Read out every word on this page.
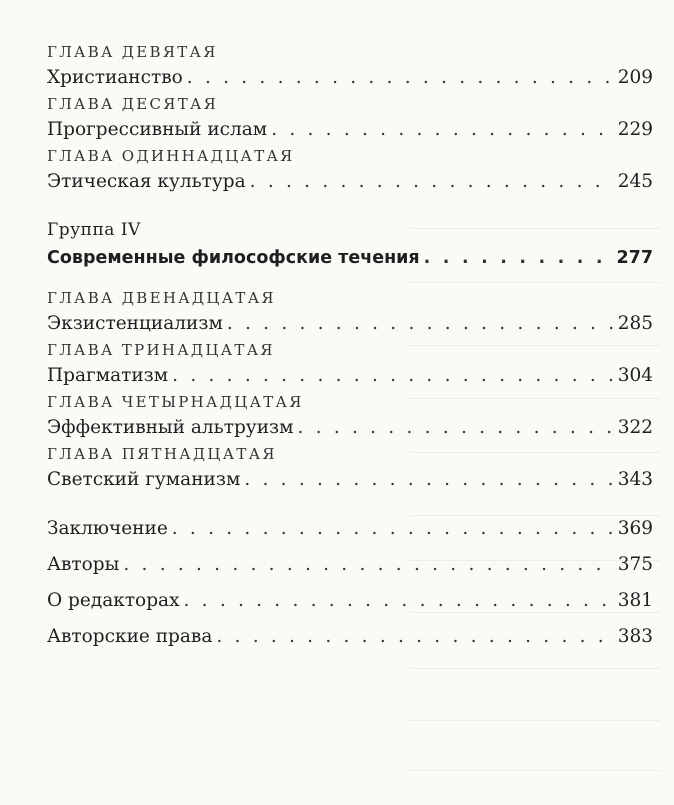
ГЛАВА ДЕВЯТАЯ
Христианство . . .	209
ГЛАВА ДЕСЯТАЯ
Прогрессивный ислам . . .	229
ГЛАВА ОДИННАДЦАТАЯ
Этическая культура . . .	245
Группа IV
Современные философские течения . . .	277
ГЛАВА ДВЕНАДЦАТАЯ
Экзистенциализм . . .	285
ГЛАВА ТРИНАДЦАТАЯ
Прагматизм . . .	304
ГЛАВА ЧЕТЫРНАДЦАТАЯ
Эффективный альтруизм . . .	322
ГЛАВА ПЯТНАДЦАТАЯ
Светский гуманизм . . .	343
Заключение . . .	369
Авторы . . .	375
О редакторах . . .	381
Авторские права . . .	383
